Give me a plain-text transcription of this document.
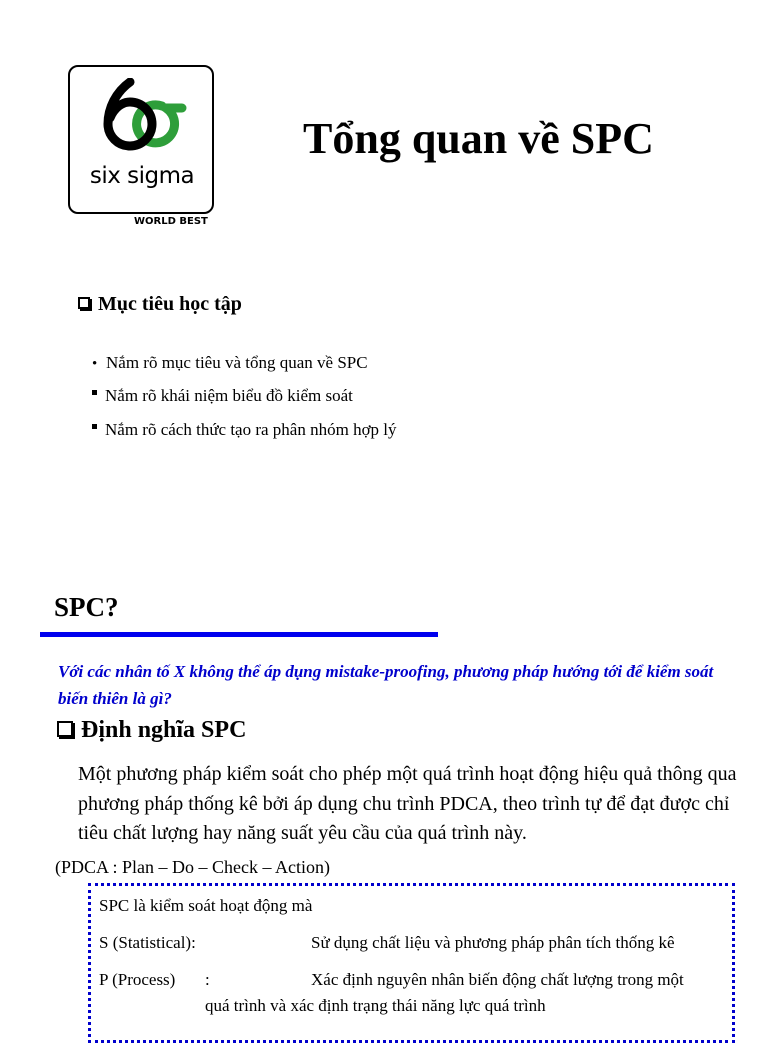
six sigma
WORLD BEST
Tổng quan về SPC
Mục tiêu học tập
• Nắm rõ mục tiêu và tổng quan về SPC
Nắm rõ khái niệm biểu đồ kiểm soát
Nắm rõ cách thức tạo ra phân nhóm hợp lý
SPC?
Với các nhân tố X không thể áp dụng mistake-proofing, phương pháp hướng tới để kiểm soát biến thiên là gì?
Định nghĩa SPC
Một phương pháp kiểm soát cho phép một quá trình hoạt động hiệu quả thông qua phương pháp thống kê bởi áp dụng chu trình PDCA, theo trình tự để đạt được chỉ tiêu chất lượng hay năng suất yêu cầu của quá trình này.
(PDCA : Plan – Do – Check – Action)
SPC là kiểm soát hoạt động mà
S (Statistical):	Sử dụng chất liệu và phương pháp phân tích thống kê
P (Process) :	Xác định nguyên nhân biến động chất lượng trong một
quá trình và xác định trạng thái năng lực quá trình
